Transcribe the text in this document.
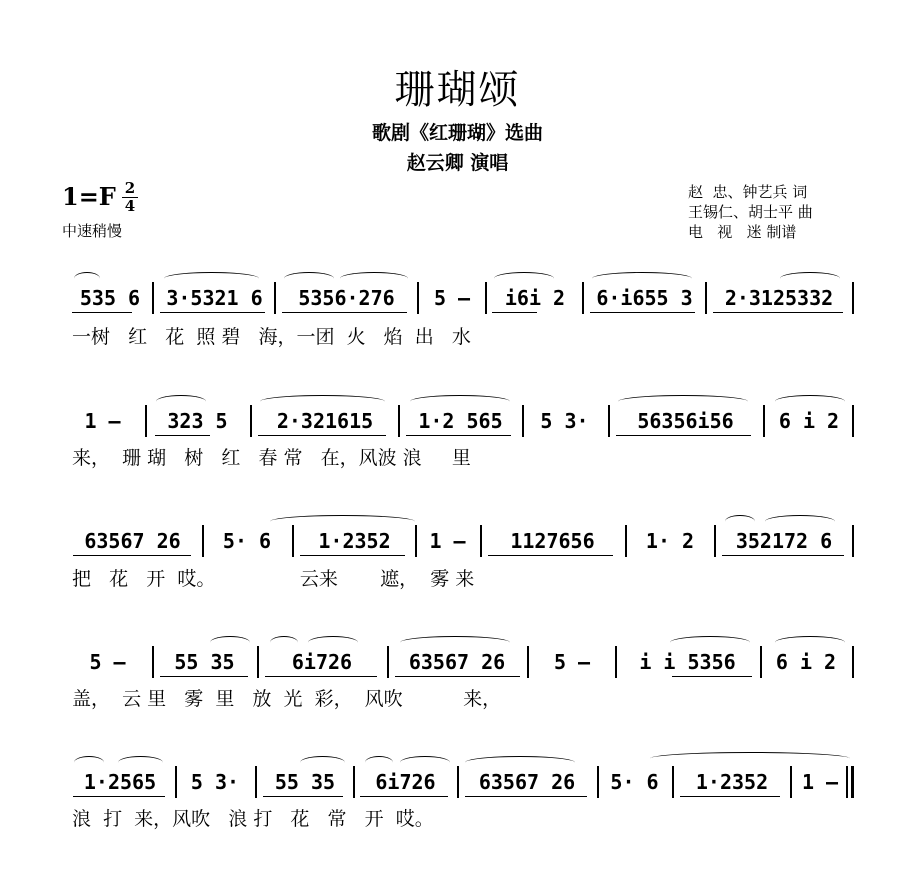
珊瑚颂
歌剧《红珊瑚》选曲
赵云卿 演唱
1=F 2
4
中速稍慢
赵  忠、钟艺兵 词
王锡仁、胡士平 曲
电   视   迷 制谱
535 6	3·5321 6	5356·276	5 –	i6i 2	6·i655 3	2·3125332
一树   红   花  照 碧   海，一团  火   焰  出   水
1 –	323 5	2·321615	1·2 565	5 3·	56356i56	6 i 2
来，  珊 瑚   树   红   春 常   在，风波 浪     里
63567 26	5· 6	1·2352	1 –	1127656	1· 2	352172 6
把   花   开  哎。              云来       遮，  雾 来
5 –	55 35	6i726	63567 26	5 –	i i 5356	6 i 2
盖，  云 里   雾  里   放  光  彩，  风吹          来，
1·2565	5 3·	55 35	6i726	63567 26	5· 6	1·2352	1 –
浪  打  来，风吹   浪 打   花   常   开  哎。
